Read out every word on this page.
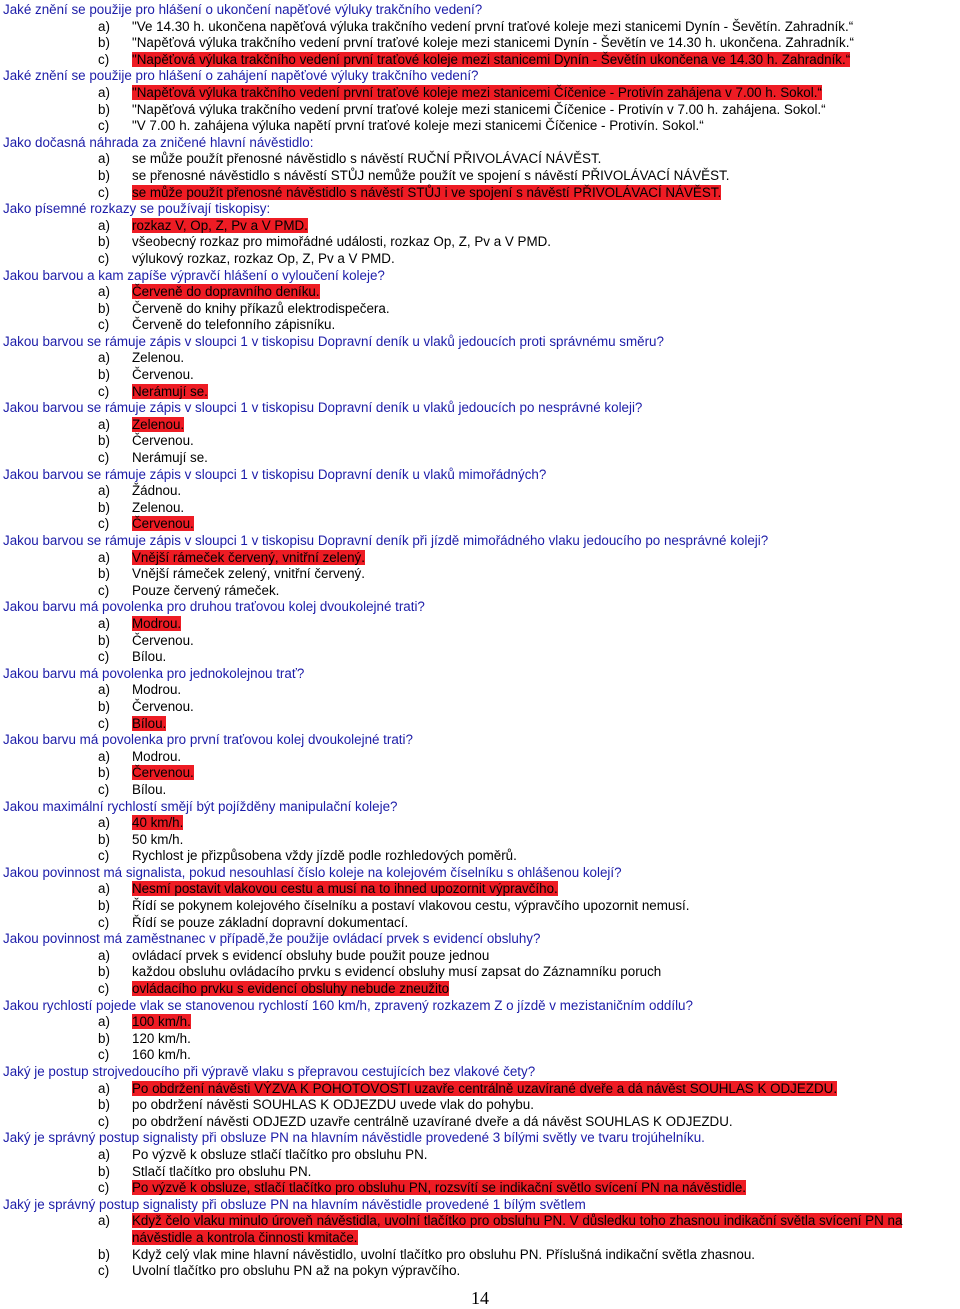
Jaké znění se použije pro hlášení o ukončení napěťové výluky trakčního vedení?
a) "Ve 14.30 h. ukončena napěťová výluka trakčního vedení první traťové koleje mezi stanicemi Dynín - Ševětín. Zahradník.“
b) "Napěťová výluka trakčního vedení první traťové koleje mezi stanicemi Dynín - Ševětín ve 14.30 h. ukončena. Zahradník.“
c) "Napěťová výluka trakčního vedení první traťové koleje mezi stanicemi Dynín - Ševětín ukončena ve 14.30 h. Zahradník.“
Jaké znění se použije pro hlášení o zahájení napěťové výluky trakčního vedení?
a) "Napěťová výluka trakčního vedení první traťové koleje mezi stanicemi Číčenice - Protivín zahájena v 7.00 h. Sokol.“
b) "Napěťová výluka trakčního vedení první traťové koleje mezi stanicemi Číčenice - Protivín v 7.00 h. zahájena. Sokol.“
c) "V 7.00 h. zahájena výluka napětí první traťové koleje mezi stanicemi Číčenice - Protivín. Sokol.“
Jako dočasná náhrada za zničené hlavní návěstidlo:
a) se může použít přenosné návěstidlo s návěstí RUČNÍ PŘIVOLÁVACÍ NÁVĚST.
b) se přenosné návěstidlo s návěstí STŮJ nemůže použít ve spojení s návěstí PŘIVOLÁVACÍ NÁVĚST.
c) se může použít přenosné návěstidlo s návěstí STŮJ i ve spojení s návěstí PŘIVOLÁVACÍ NÁVĚST.
Jako písemné rozkazy se používají tiskopisy:
a) rozkaz V, Op, Z, Pv a V PMD.
b) všeobecný rozkaz pro mimořádné události, rozkaz Op, Z, Pv a V PMD.
c) výlukový rozkaz, rozkaz Op, Z, Pv a V PMD.
Jakou barvou a kam zapíše výpravčí hlášení o vyloučení koleje?
a) Červeně do dopravního deníku.
b) Červeně do knihy příkazů elektrodispečera.
c) Červeně do telefonního zápisníku.
Jakou barvou se rámuje zápis v sloupci 1 v tiskopisu Dopravní deník u vlaků jedoucích proti správnému směru?
a) Zelenou.
b) Červenou.
c) Nerámují se.
Jakou barvou se rámuje zápis v sloupci 1 v tiskopisu Dopravní deník u vlaků jedoucích po nesprávné koleji?
a) Zelenou.
b) Červenou.
c) Nerámují se.
Jakou barvou se rámuje zápis v sloupci 1 v tiskopisu Dopravní deník u vlaků mimořádných?
a) Žádnou.
b) Zelenou.
c) Červenou.
Jakou barvou se rámuje zápis v sloupci 1 v tiskopisu Dopravní deník při jízdě mimořádného vlaku jedoucího po nesprávné koleji?
a) Vnější rámeček červený, vnitřní zelený.
b) Vnější rámeček zelený, vnitřní červený.
c) Pouze červený rámeček.
Jakou barvu má povolenka pro druhou traťovou kolej dvoukolejné trati?
a) Modrou.
b) Červenou.
c) Bílou.
Jakou barvu má povolenka pro jednokolejnou trať?
a) Modrou.
b) Červenou.
c) Bílou.
Jakou barvu má povolenka pro první traťovou kolej dvoukolejné trati?
a) Modrou.
b) Červenou.
c) Bílou.
Jakou maximální rychlostí smějí být pojížděny manipulační koleje?
a) 40 km/h.
b) 50 km/h.
c) Rychlost je přizpůsobena vždy jízdě podle rozhledových poměrů.
Jakou povinnost má signalista, pokud nesouhlasí číslo koleje na kolejovém číselníku s ohlášenou kolejí?
a) Nesmí postavit vlakovou cestu a musí na to ihned upozornit výpravčího.
b) Řídí se pokynem kolejového číselníku a postaví vlakovou cestu, výpravčího upozornit nemusí.
c) Řídí se pouze základní dopravní dokumentací.
Jakou povinnost má zaměstnanec v případě,že použije ovládací prvek s evidencí obsluhy?
a) ovládací prvek s evidencí obsluhy bude použit pouze jednou
b) každou obsluhu ovládacího prvku s evidencí obsluhy musí zapsat do Záznamníku poruch
c) ovládacího prvku s evidencí obsluhy nebude zneužito
Jakou rychlostí pojede vlak se stanovenou rychlostí 160 km/h, zpravený rozkazem Z o jízdě v mezistaničním oddílu?
a) 100 km/h.
b) 120 km/h.
c) 160 km/h.
Jaký je postup strojvedoucího při výpravě vlaku s přepravou cestujících bez vlakové čety?
a) Po obdržení návěsti VÝZVA K POHOTOVOSTI uzavře centrálně uzavírané dveře a dá návěst SOUHLAS K ODJEZDU.
b) po obdržení návěsti SOUHLAS K ODJEZDU uvede vlak do pohybu.
c) po obdržení návěsti ODJEZD uzavře centrálně uzavírané dveře a dá návěst SOUHLAS K ODJEZDU.
Jaký je správný postup signalisty při obsluze PN na hlavním návěstidle provedené 3 bílými světly ve tvaru trojúhelníku.
a) Po výzvě k obsluze stlačí tlačítko pro obsluhu PN.
b) Stlačí tlačítko pro obsluhu PN.
c) Po výzvě k obsluze, stlačí tlačítko pro obsluhu PN, rozsvítí se indikační světlo svícení PN na návěstidle.
Jaký je správný postup signalisty při obsluze PN na hlavním návěstidle provedené 1 bílým světlem
a) Když čelo vlaku minulo úroveň návěstidla, uvolní tlačítko pro obsluhu PN. V důsledku toho zhasnou indikační světla svícení PN na návěstidle a kontrola činnosti kmitače.
b) Když celý vlak mine hlavní návěstidlo, uvolní tlačítko pro obsluhu PN. Příslušná indikační světla zhasnou.
c) Uvolní tlačítko pro obsluhu PN až na pokyn výpravčího.
14
